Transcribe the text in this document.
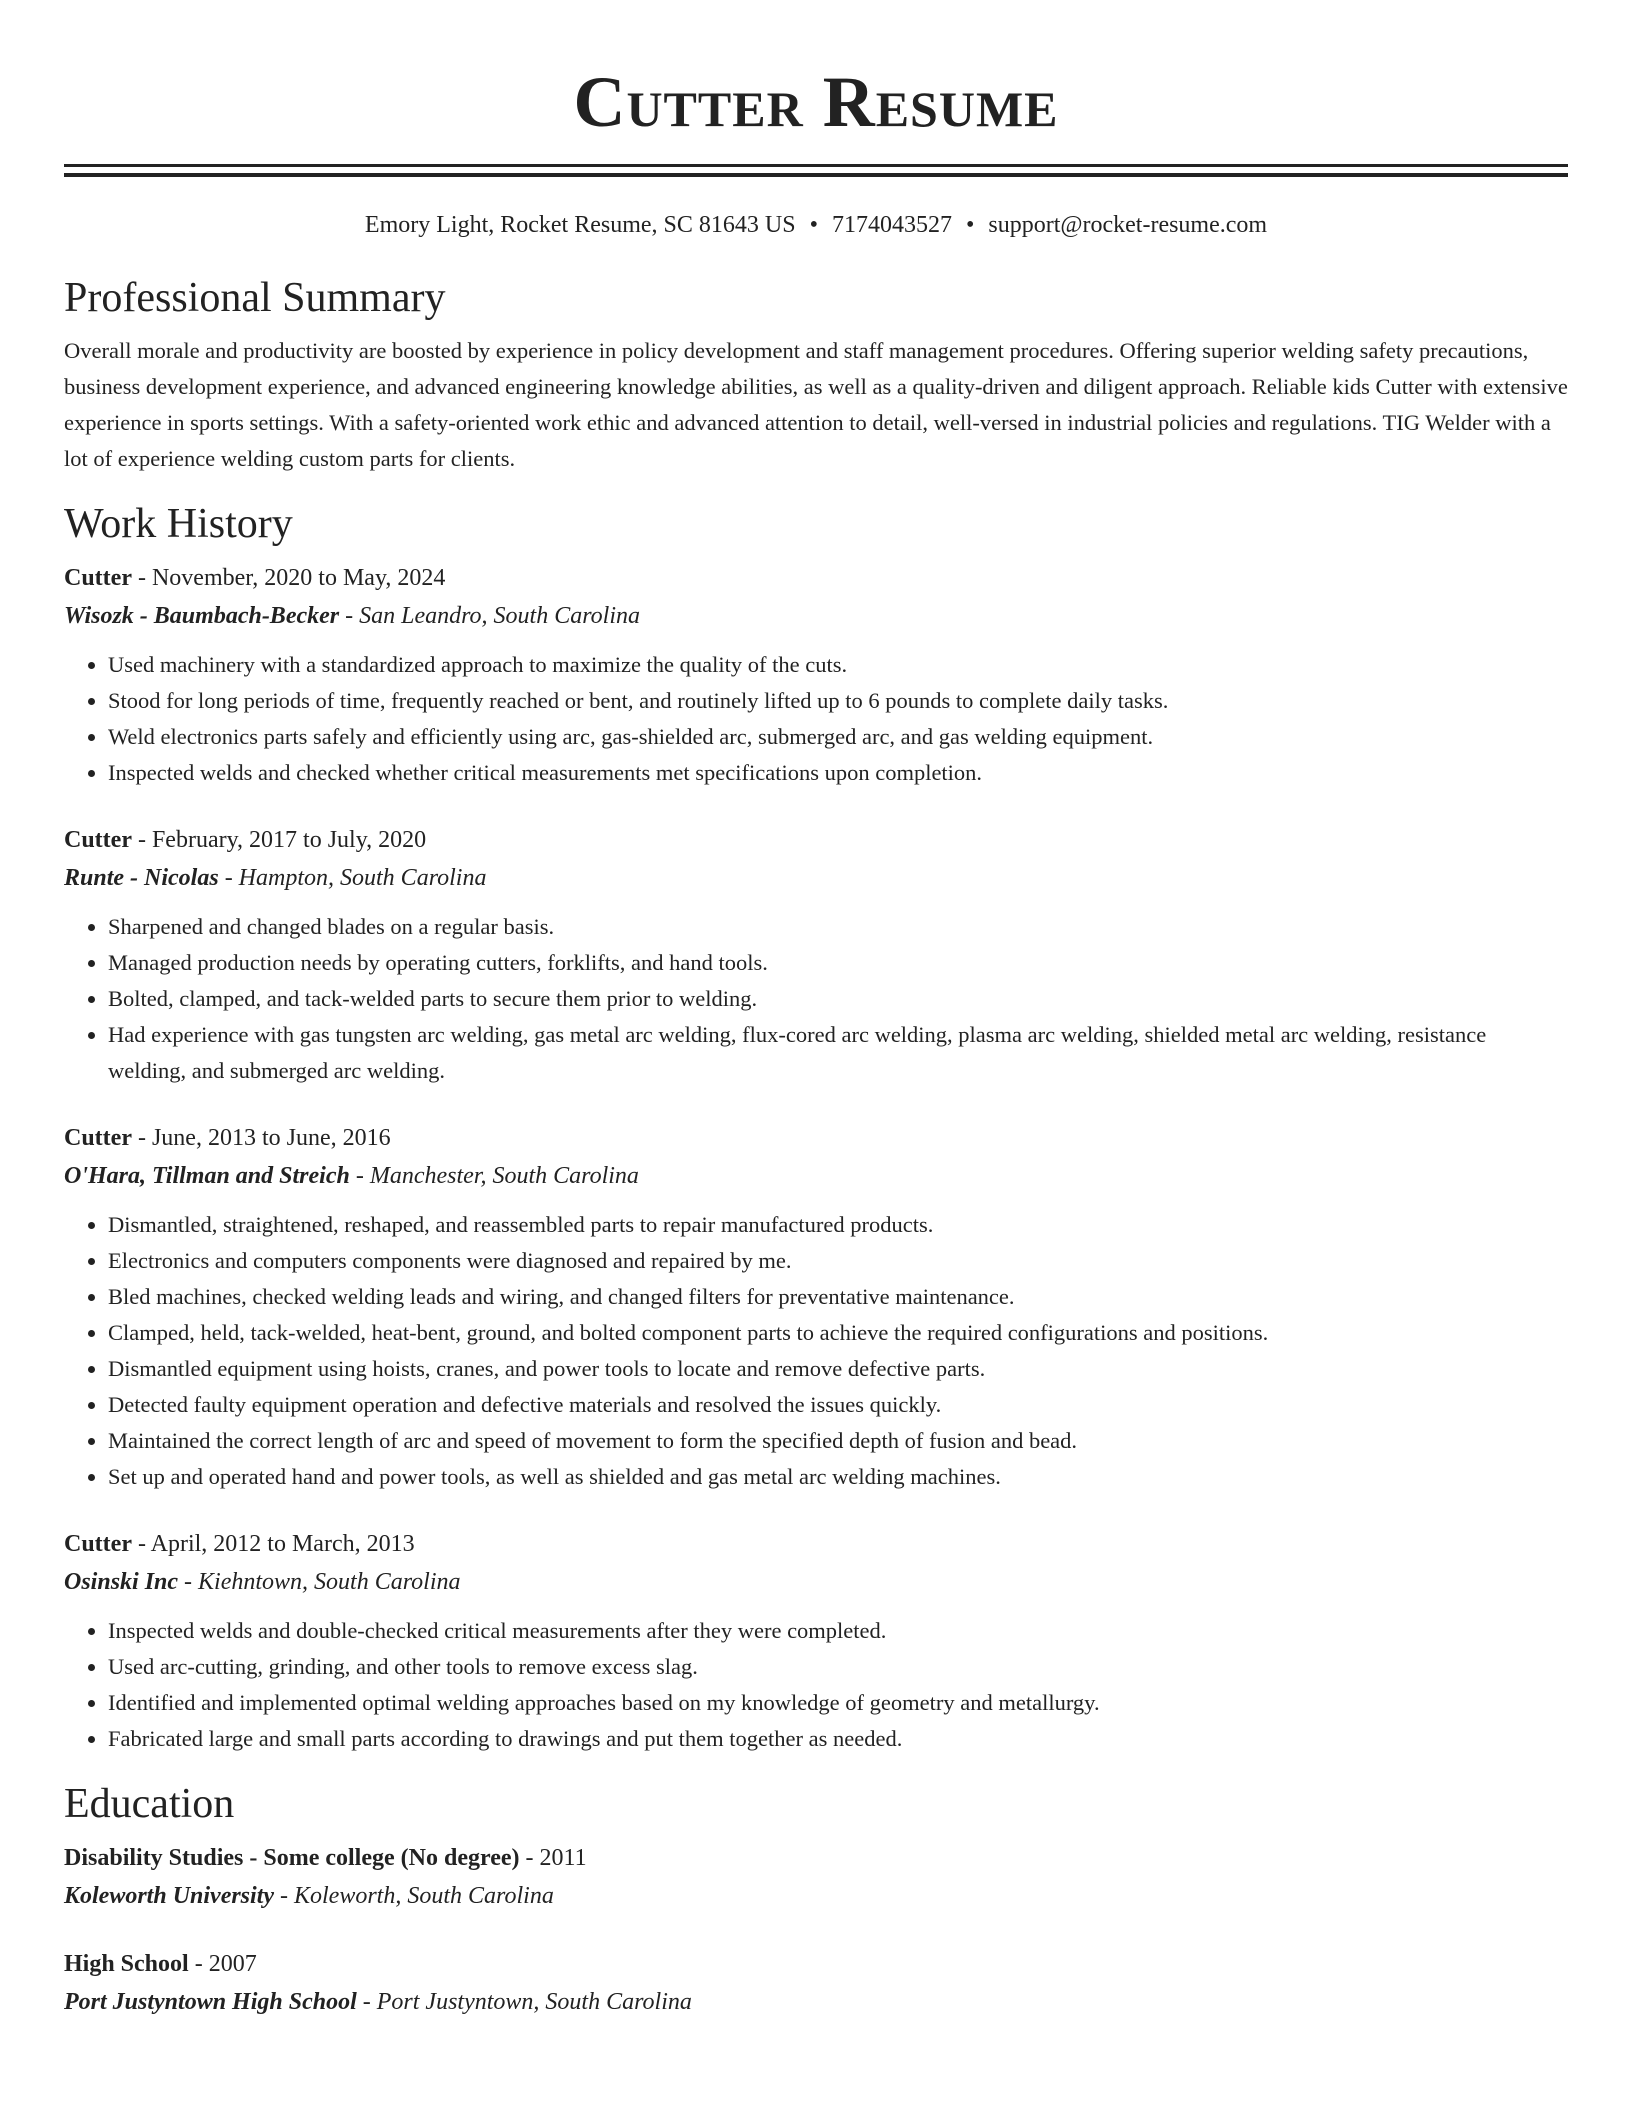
Cutter Resume
Emory Light, Rocket Resume, SC 81643 US • 7174043527 • support@rocket-resume.com
Professional Summary
Overall morale and productivity are boosted by experience in policy development and staff management procedures. Offering superior welding safety precautions, business development experience, and advanced engineering knowledge abilities, as well as a quality-driven and diligent approach. Reliable kids Cutter with extensive experience in sports settings. With a safety-oriented work ethic and advanced attention to detail, well-versed in industrial policies and regulations. TIG Welder with a lot of experience welding custom parts for clients.
Work History
Cutter - November, 2020 to May, 2024
Wisozk - Baumbach-Becker - San Leandro, South Carolina
• Used machinery with a standardized approach to maximize the quality of the cuts.
• Stood for long periods of time, frequently reached or bent, and routinely lifted up to 6 pounds to complete daily tasks.
• Weld electronics parts safely and efficiently using arc, gas-shielded arc, submerged arc, and gas welding equipment.
• Inspected welds and checked whether critical measurements met specifications upon completion.
Cutter - February, 2017 to July, 2020
Runte - Nicolas - Hampton, South Carolina
• Sharpened and changed blades on a regular basis.
• Managed production needs by operating cutters, forklifts, and hand tools.
• Bolted, clamped, and tack-welded parts to secure them prior to welding.
• Had experience with gas tungsten arc welding, gas metal arc welding, flux-cored arc welding, plasma arc welding, shielded metal arc welding, resistance welding, and submerged arc welding.
Cutter - June, 2013 to June, 2016
O'Hara, Tillman and Streich - Manchester, South Carolina
• Dismantled, straightened, reshaped, and reassembled parts to repair manufactured products.
• Electronics and computers components were diagnosed and repaired by me.
• Bled machines, checked welding leads and wiring, and changed filters for preventative maintenance.
• Clamped, held, tack-welded, heat-bent, ground, and bolted component parts to achieve the required configurations and positions.
• Dismantled equipment using hoists, cranes, and power tools to locate and remove defective parts.
• Detected faulty equipment operation and defective materials and resolved the issues quickly.
• Maintained the correct length of arc and speed of movement to form the specified depth of fusion and bead.
• Set up and operated hand and power tools, as well as shielded and gas metal arc welding machines.
Cutter - April, 2012 to March, 2013
Osinski Inc - Kiehntown, South Carolina
• Inspected welds and double-checked critical measurements after they were completed.
• Used arc-cutting, grinding, and other tools to remove excess slag.
• Identified and implemented optimal welding approaches based on my knowledge of geometry and metallurgy.
• Fabricated large and small parts according to drawings and put them together as needed.
Education
Disability Studies - Some college (No degree) - 2011
Koleworth University - Koleworth, South Carolina
High School - 2007
Port Justyntown High School - Port Justyntown, South Carolina
